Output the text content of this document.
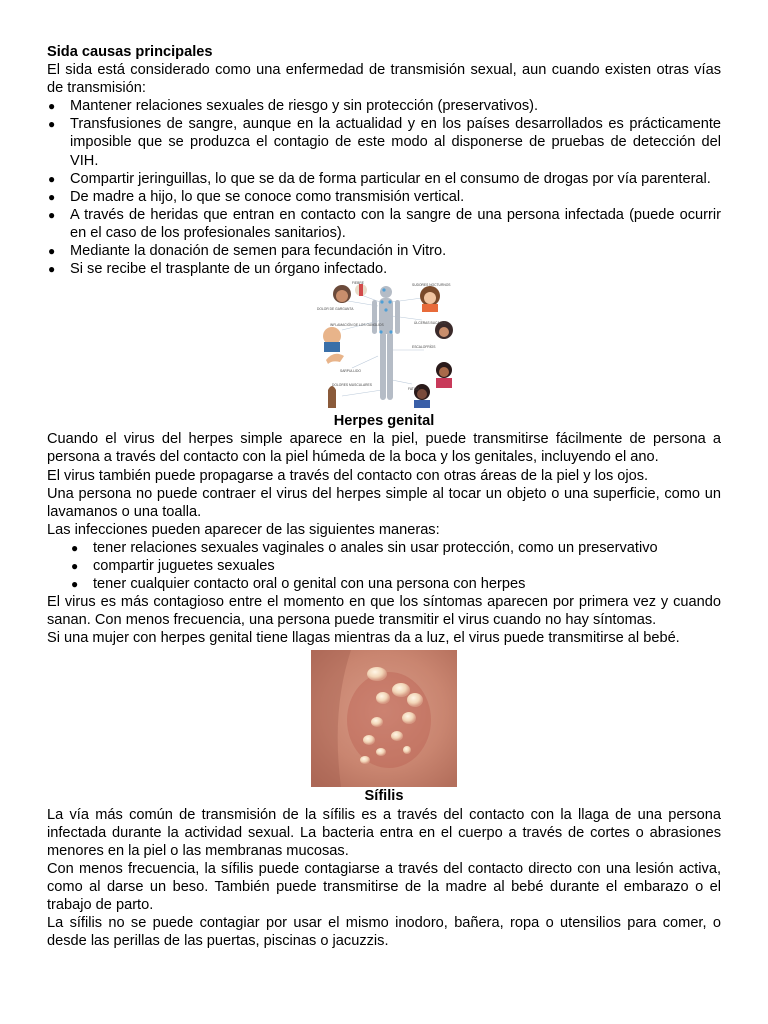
Sida causas principales

El sida está considerado como una enfermedad de transmisión sexual, aun cuando existen otras vías de transmisión:

● Mantener relaciones sexuales de riesgo y sin protección (preservativos).
● Transfusiones de sangre, aunque en la actualidad y en los países desarrollados es prácticamente imposible que se produzca el contagio de este modo al disponerse de pruebas de detección del VIH.
● Compartir jeringuillas, lo que se da de forma particular en el consumo de drogas por vía parenteral.
● De madre a hijo, lo que se conoce como transmisión vertical.
● A través de heridas que entran en contacto con la sangre de una persona infectada (puede ocurrir en el caso de los profesionales sanitarios).
● Mediante la donación de semen para fecundación in Vitro.
● Si se recibe el trasplante de un órgano infectado.
DOLOR DE GARGANTA
FIEBRE	SUDORES NOCTURNOS
INFLAMACIÓN DE LOS GANGLIOS	ÚLCERAS BUCALES
ESCALOFRÍOS
SARPULLIDO
DOLORES MUSCULARES
FATIGA

Herpes genital

Cuando el virus del herpes simple aparece en la piel, puede transmitirse fácilmente de persona a persona a través del contacto con la piel húmeda de la boca y los genitales, incluyendo el ano.

El virus también puede propagarse a través del contacto con otras áreas de la piel y los ojos.

Una persona no puede contraer el virus del herpes simple al tocar un objeto o una superficie, como un lavamanos o una toalla.

Las infecciones pueden aparecer de las siguientes maneras:

● tener relaciones sexuales vaginales o anales sin usar protección, como un preservativo
● compartir juguetes sexuales
● tener cualquier contacto oral o genital con una persona con herpes

El virus es más contagioso entre el momento en que los síntomas aparecen por primera vez y cuando sanan. Con menos frecuencia, una persona puede transmitir el virus cuando no hay síntomas.

Si una mujer con herpes genital tiene llagas mientras da a luz, el virus puede transmitirse al bebé.

Sífilis

La vía más común de transmisión de la sífilis es a través del contacto con la llaga de una persona infectada durante la actividad sexual. La bacteria entra en el cuerpo a través de cortes o abrasiones menores en la piel o las membranas mucosas.

Con menos frecuencia, la sífilis puede contagiarse a través del contacto directo con una lesión activa, como al darse un beso. También puede transmitirse de la madre al bebé durante el embarazo o el trabajo de parto.

La sífilis no se puede contagiar por usar el mismo inodoro, bañera, ropa o utensilios para comer, o desde las perillas de las puertas, piscinas o jacuzzis.
